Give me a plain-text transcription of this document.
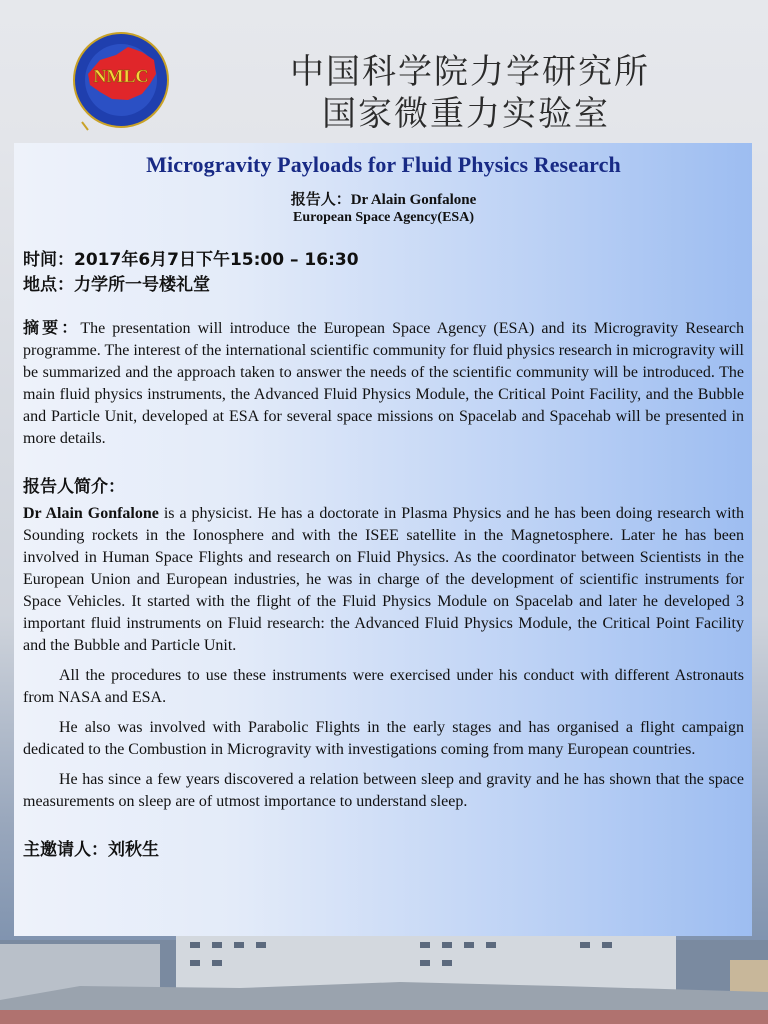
NMLC	中国科学院力学研究所
国家微重力实验室
Microgravity Payloads for Fluid Physics Research
报告人：Dr Alain Gonfalone
European Space Agency(ESA)
时间：2017年6月7日下午15:00 – 16:30
地点：力学所一号楼礼堂

摘要：The presentation will introduce the European Space Agency (ESA) and its Microgravity Research programme. The interest of the international scientific community for fluid physics research in microgravity will be summarized and the approach taken to answer the needs of the scientific community will be introduced. The main fluid physics instruments, the Advanced Fluid Physics Module, the Critical Point Facility, and the Bubble and Particle Unit, developed at ESA for several space missions on Spacelab and Spacehab will be presented in more details.

报告人简介：

Dr Alain Gonfalone is a physicist. He has a doctorate in Plasma Physics and he has been doing research with Sounding rockets in the Ionosphere and with the ISEE satellite in the Magnetosphere. Later he has been involved in Human Space Flights and research on Fluid Physics. As the coordinator between Scientists in the European Union and European industries, he was in charge of the development of scientific instruments for Space Vehicles. It started with the flight of the Fluid Physics Module on Spacelab and later he developed 3 important fluid instruments on Fluid research: the Advanced Fluid Physics Module, the Critical Point Facility and the Bubble and Particle Unit.

All the procedures to use these instruments were exercised under his conduct with different Astronauts from NASA and ESA.

He also was involved with Parabolic Flights in the early stages and has organised a flight campaign dedicated to the Combustion in Microgravity with investigations coming from many European countries.

He has since a few years discovered a relation between sleep and gravity and he has shown that the space measurements on sleep are of utmost importance to understand sleep.

主邀请人：刘秋生
